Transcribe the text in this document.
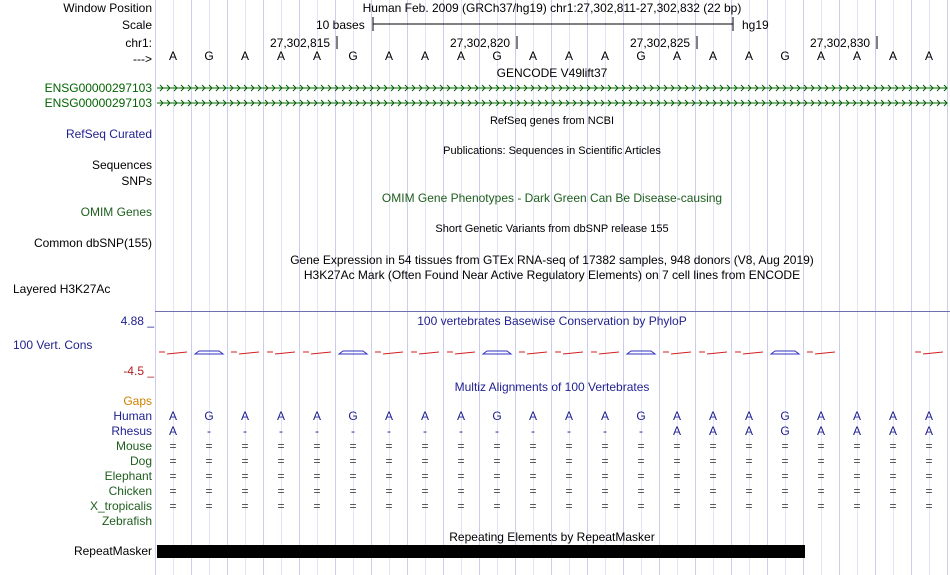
Window Position	Human Feb. 2009 (GRCh37/hg19) chr1:27,302,811-27,302,832 (22 bp)
Scale	10 bases	hg19
chr1:	27,302,815	27,302,820	27,302,825	27,302,830
--->	A	G	A	A	A	G	A	A	A	G	A	A	A	G	A	A	A	G	A	A	A	A
GENCODE V49lift37
ENSG00000297103
ENSG00000297103
RefSeq genes from NCBI
RefSeq Curated
Publications: Sequences in Scientific Articles
Sequences
SNPs
OMIM Gene Phenotypes - Dark Green Can Be Disease-causing
OMIM Genes
Short Genetic Variants from dbSNP release 155
Common dbSNP(155)
Gene Expression in 54 tissues from GTEx RNA-seq of 17382 samples, 948 donors (V8, Aug 2019)
H3K27Ac Mark (Often Found Near Active Regulatory Elements) on 7 cell lines from ENCODE
Layered H3K27Ac
4.88 _	100 vertebrates Basewise Conservation by PhyloP
100 Vert. Cons
-4.5 _
Multiz Alignments of 100 Vertebrates
Gaps
Human	A	G	A	A	A	G	A	A	A	G	A	A	A	G	A	A	A	G	A	A	A	A
Rhesus	A	-	-	-	-	-	-	-	-	-	-	-	-	-	A	A	A	G	A	A	A	A
Mouse	=	=	=	=	=	=	=	=	=	=	=	=	=	=	=	=	=	=	=	=	=	=
Dog	=	=	=	=	=	=	=	=	=	=	=	=	=	=	=	=	=	=	=	=	=	=
Elephant	=	=	=	=	=	=	=	=	=	=	=	=	=	=	=	=	=	=	=	=	=	=
Chicken	=	=	=	=	=	=	=	=	=	=	=	=	=	=	=	=	=	=	=	=	=	=
X_tropicalis	=	=	=	=	=	=	=	=	=	=	=	=	=	=	=	=	=	=	=	=	=	=
Zebrafish
Repeating Elements by RepeatMasker
RepeatMasker
